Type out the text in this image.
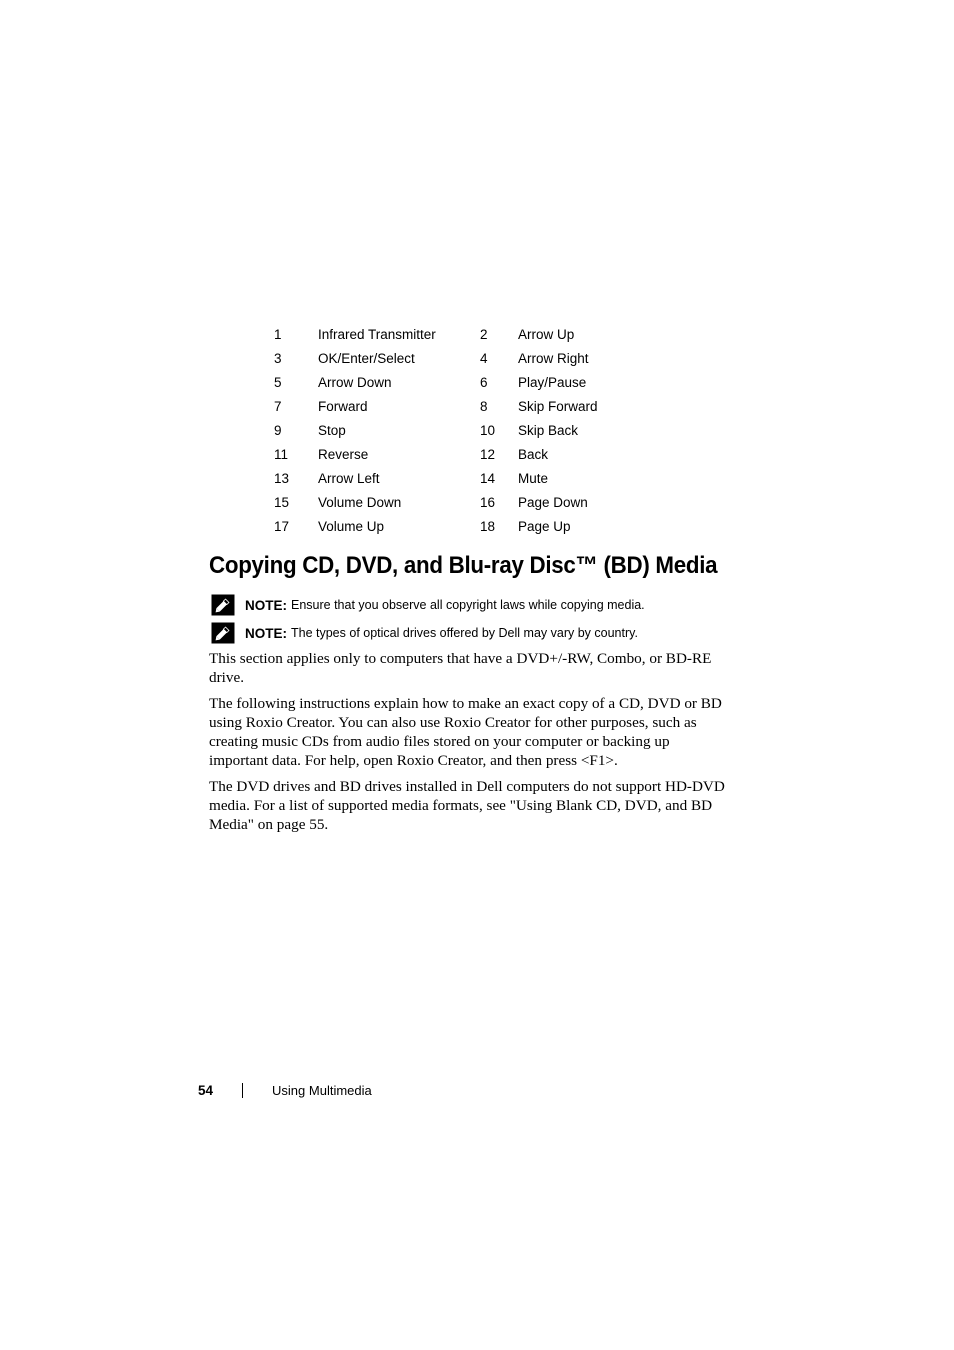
1	Infrared Transmitter	2	Arrow Up
3	OK/Enter/Select	4	Arrow Right
5	Arrow Down	6	Play/Pause
7	Forward	8	Skip Forward
9	Stop	10	Skip Back
11	Reverse	12	Back
13	Arrow Left	14	Mute
15	Volume Down	16	Page Down
17	Volume Up	18	Page Up
Copying CD, DVD, and Blu-ray Disc™ (BD) Media
NOTE: Ensure that you observe all copyright laws while copying media.
NOTE: The types of optical drives offered by Dell may vary by country.

This section applies only to computers that have a DVD+/-RW, Combo, or BD-RE drive.

The following instructions explain how to make an exact copy of a CD, DVD or BD using Roxio Creator. You can also use Roxio Creator for other purposes, such as creating music CDs from audio files stored on your computer or backing up important data. For help, open Roxio Creator, and then press <F1>.

The DVD drives and BD drives installed in Dell computers do not support HD-DVD media. For a list of supported media formats, see "Using Blank CD, DVD, and BD Media" on page 55.

54	Using Multimedia
